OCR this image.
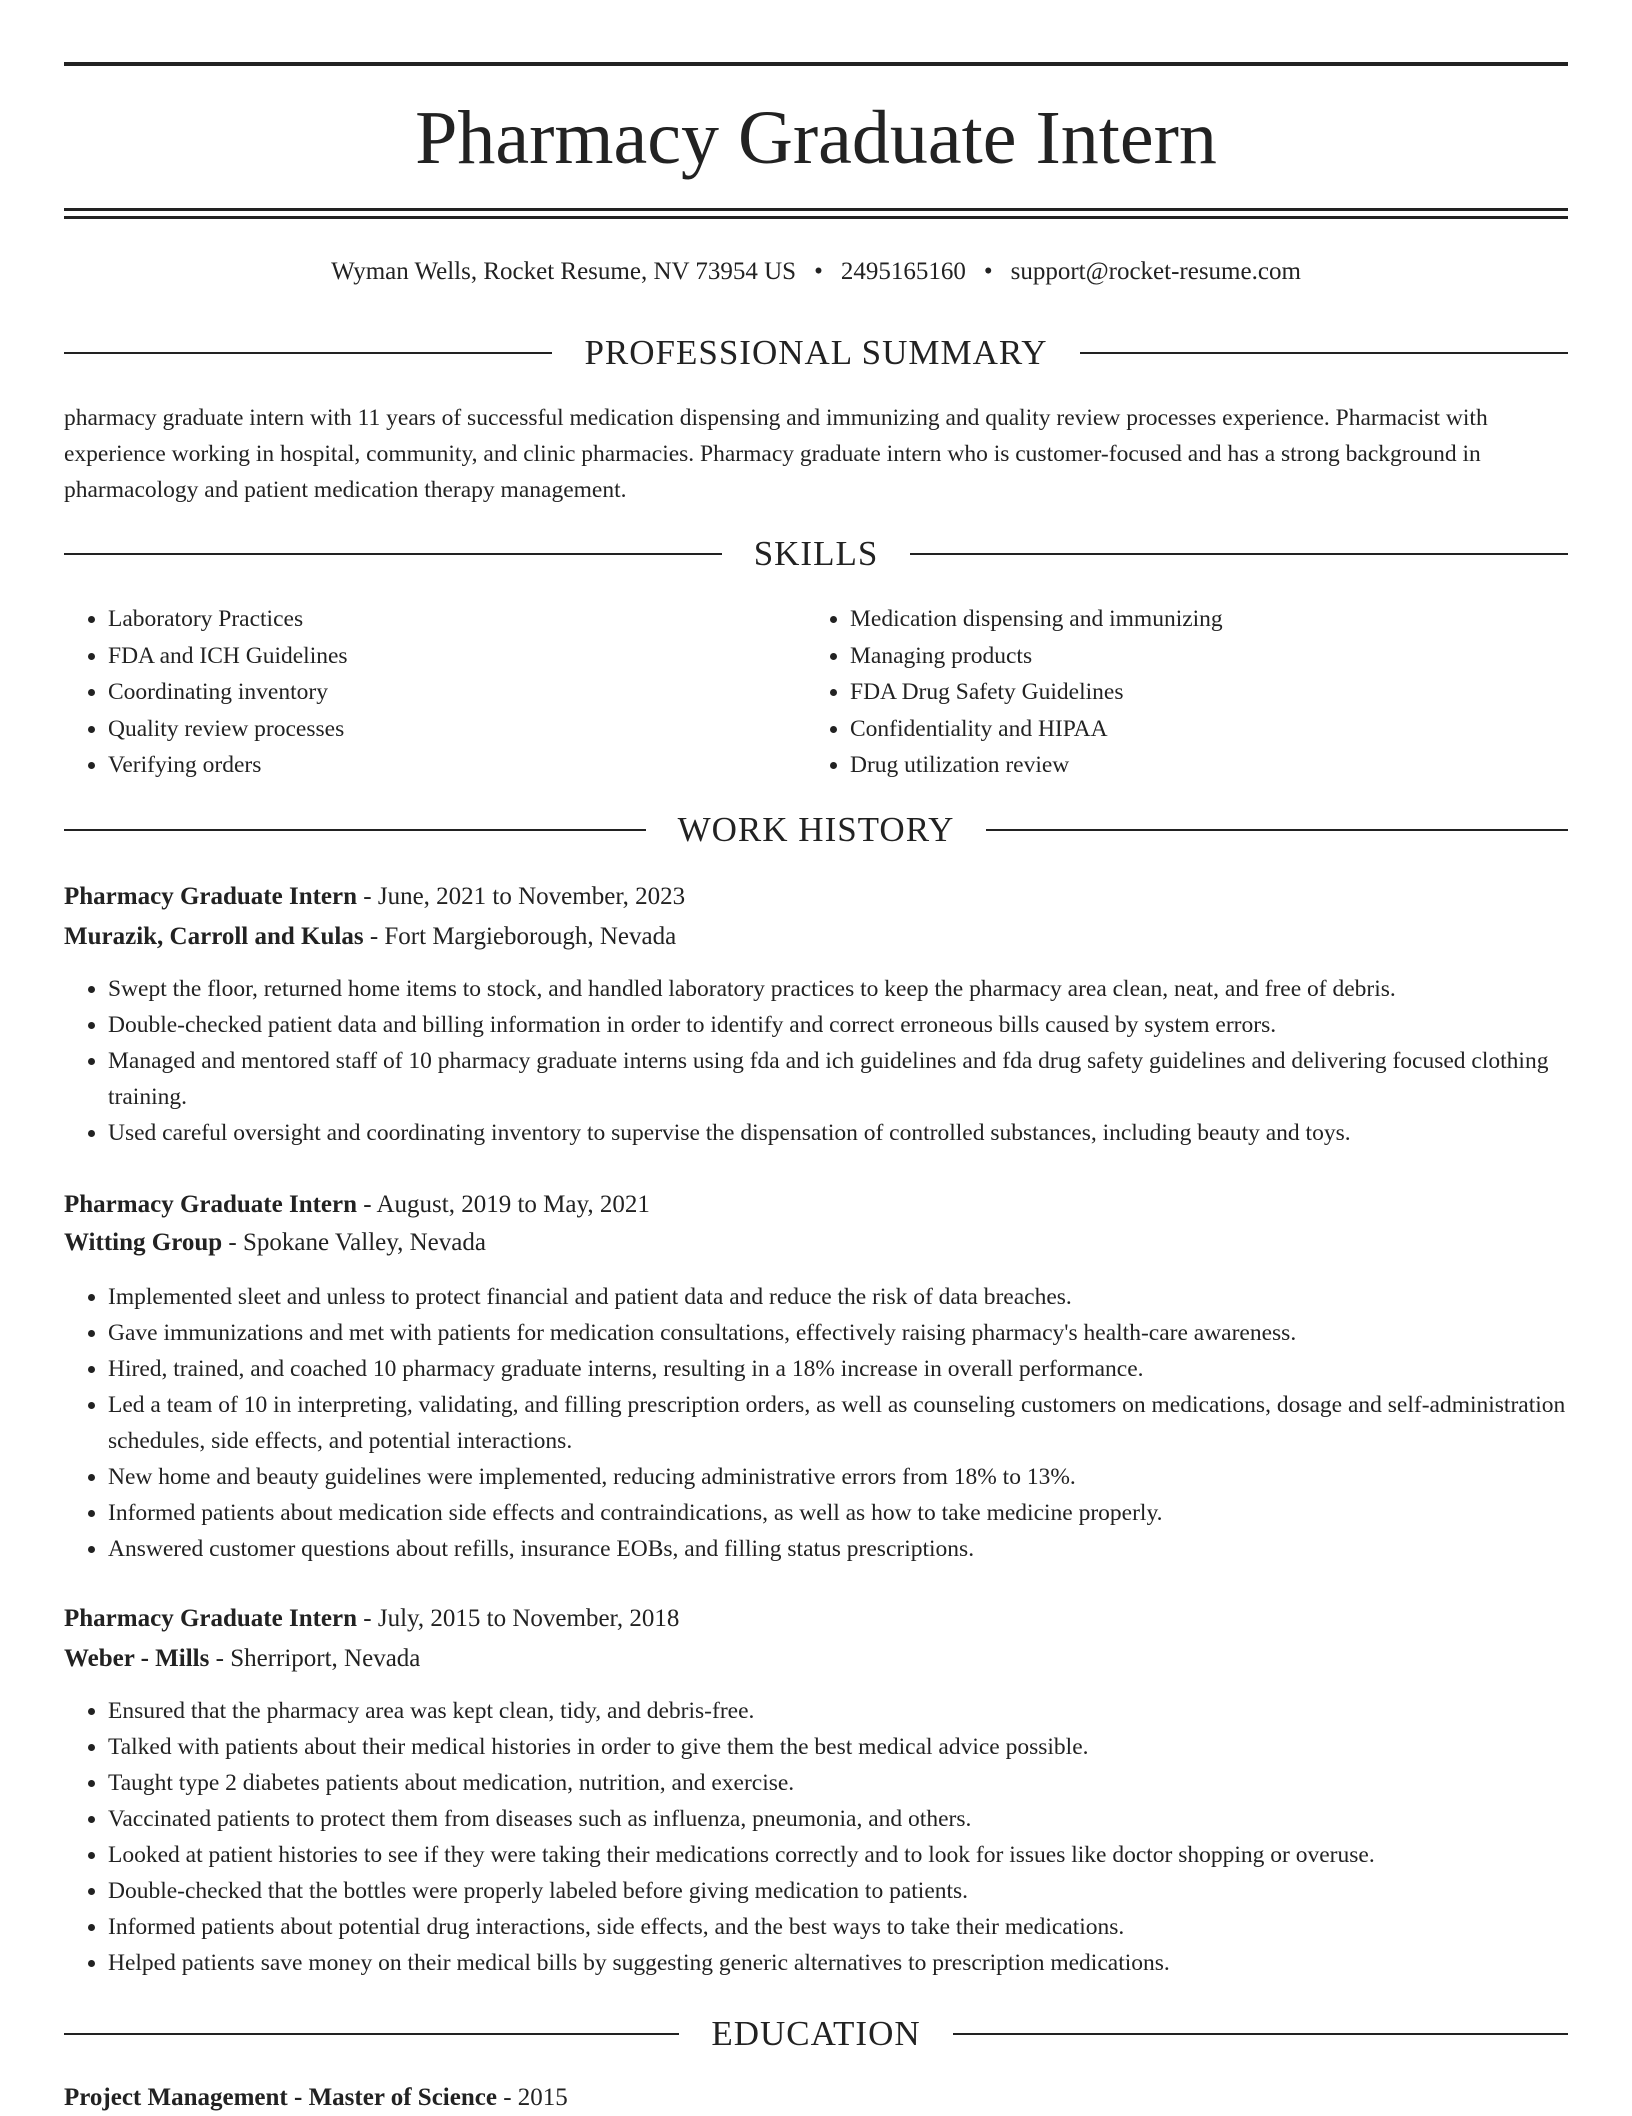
Pharmacy Graduate Intern
Wyman Wells, Rocket Resume, NV 73954 US • 2495165160 • support@rocket-resume.com
PROFESSIONAL SUMMARY

pharmacy graduate intern with 11 years of successful medication dispensing and immunizing and quality review processes experience. Pharmacist with experience working in hospital, community, and clinic pharmacies. Pharmacy graduate intern who is customer-focused and has a strong background in pharmacology and patient medication therapy management.

SKILLS
• Laboratory Practices
• FDA and ICH Guidelines
• Coordinating inventory
• Quality review processes
• Verifying orders
• Medication dispensing and immunizing
• Managing products
• FDA Drug Safety Guidelines
• Confidentiality and HIPAA
• Drug utilization review
WORK HISTORY
Pharmacy Graduate Intern - June, 2021 to November, 2023
Murazik, Carroll and Kulas - Fort Margieborough, Nevada
• Swept the floor, returned home items to stock, and handled laboratory practices to keep the pharmacy area clean, neat, and free of debris.
• Double-checked patient data and billing information in order to identify and correct erroneous bills caused by system errors.
• Managed and mentored staff of 10 pharmacy graduate interns using fda and ich guidelines and fda drug safety guidelines and delivering focused clothing training.
• Used careful oversight and coordinating inventory to supervise the dispensation of controlled substances, including beauty and toys.
Pharmacy Graduate Intern - August, 2019 to May, 2021
Witting Group - Spokane Valley, Nevada
• Implemented sleet and unless to protect financial and patient data and reduce the risk of data breaches.
• Gave immunizations and met with patients for medication consultations, effectively raising pharmacy's health-care awareness.
• Hired, trained, and coached 10 pharmacy graduate interns, resulting in a 18% increase in overall performance.
• Led a team of 10 in interpreting, validating, and filling prescription orders, as well as counseling customers on medications, dosage and self-administration schedules, side effects, and potential interactions.
• New home and beauty guidelines were implemented, reducing administrative errors from 18% to 13%.
• Informed patients about medication side effects and contraindications, as well as how to take medicine properly.
• Answered customer questions about refills, insurance EOBs, and filling status prescriptions.
Pharmacy Graduate Intern - July, 2015 to November, 2018
Weber - Mills - Sherriport, Nevada
• Ensured that the pharmacy area was kept clean, tidy, and debris-free.
• Talked with patients about their medical histories in order to give them the best medical advice possible.
• Taught type 2 diabetes patients about medication, nutrition, and exercise.
• Vaccinated patients to protect them from diseases such as influenza, pneumonia, and others.
• Looked at patient histories to see if they were taking their medications correctly and to look for issues like doctor shopping or overuse.
• Double-checked that the bottles were properly labeled before giving medication to patients.
• Informed patients about potential drug interactions, side effects, and the best ways to take their medications.
• Helped patients save money on their medical bills by suggesting generic alternatives to prescription medications.
EDUCATION
Project Management - Master of Science - 2015
